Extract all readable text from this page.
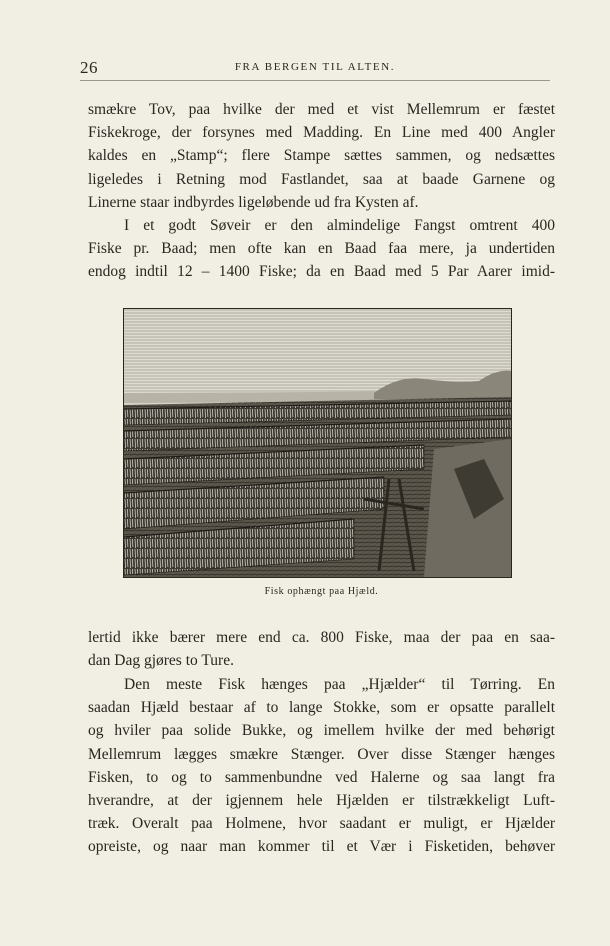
26	FRA BERGEN TIL ALTEN.

smækre Tov, paa hvilke der med et vist Mellemrum er fæstet
Fiskekroge, der forsynes med Madding. En Line med 400 Angler
kaldes en „Stamp“; flere Stampe sættes sammen, og nedsættes
ligeledes i Retning mod Fastlandet, saa at baade Garnene og
Linerne staar indbyrdes ligeløbende ud fra Kysten af.

I et godt Søveir er den almindelige Fangst omtrent 400
Fiske pr. Baad; men ofte kan en Baad faa mere, ja undertiden
endog indtil 12 – 1400 Fiske; da en Baad med 5 Par Aarer imid-

Fisk ophængt paa Hjæld.

lertid ikke bærer mere end ca. 800 Fiske, maa der paa en saa-
dan Dag gjøres to Ture.

Den meste Fisk hænges paa „Hjælder“ til Tørring. En
saadan Hjæld bestaar af to lange Stokke, som er opsatte parallelt
og hviler paa solide Bukke, og imellem hvilke der med behørigt
Mellemrum lægges smækre Stænger. Over disse Stænger hænges
Fisken, to og to sammenbundne ved Halerne og saa langt fra
hverandre, at der igjennem hele Hjælden er tilstrækkeligt Luft-
træk. Overalt paa Holmene, hvor saadant er muligt, er Hjælder
opreiste, og naar man kommer til et Vær i Fisketiden, behøver
